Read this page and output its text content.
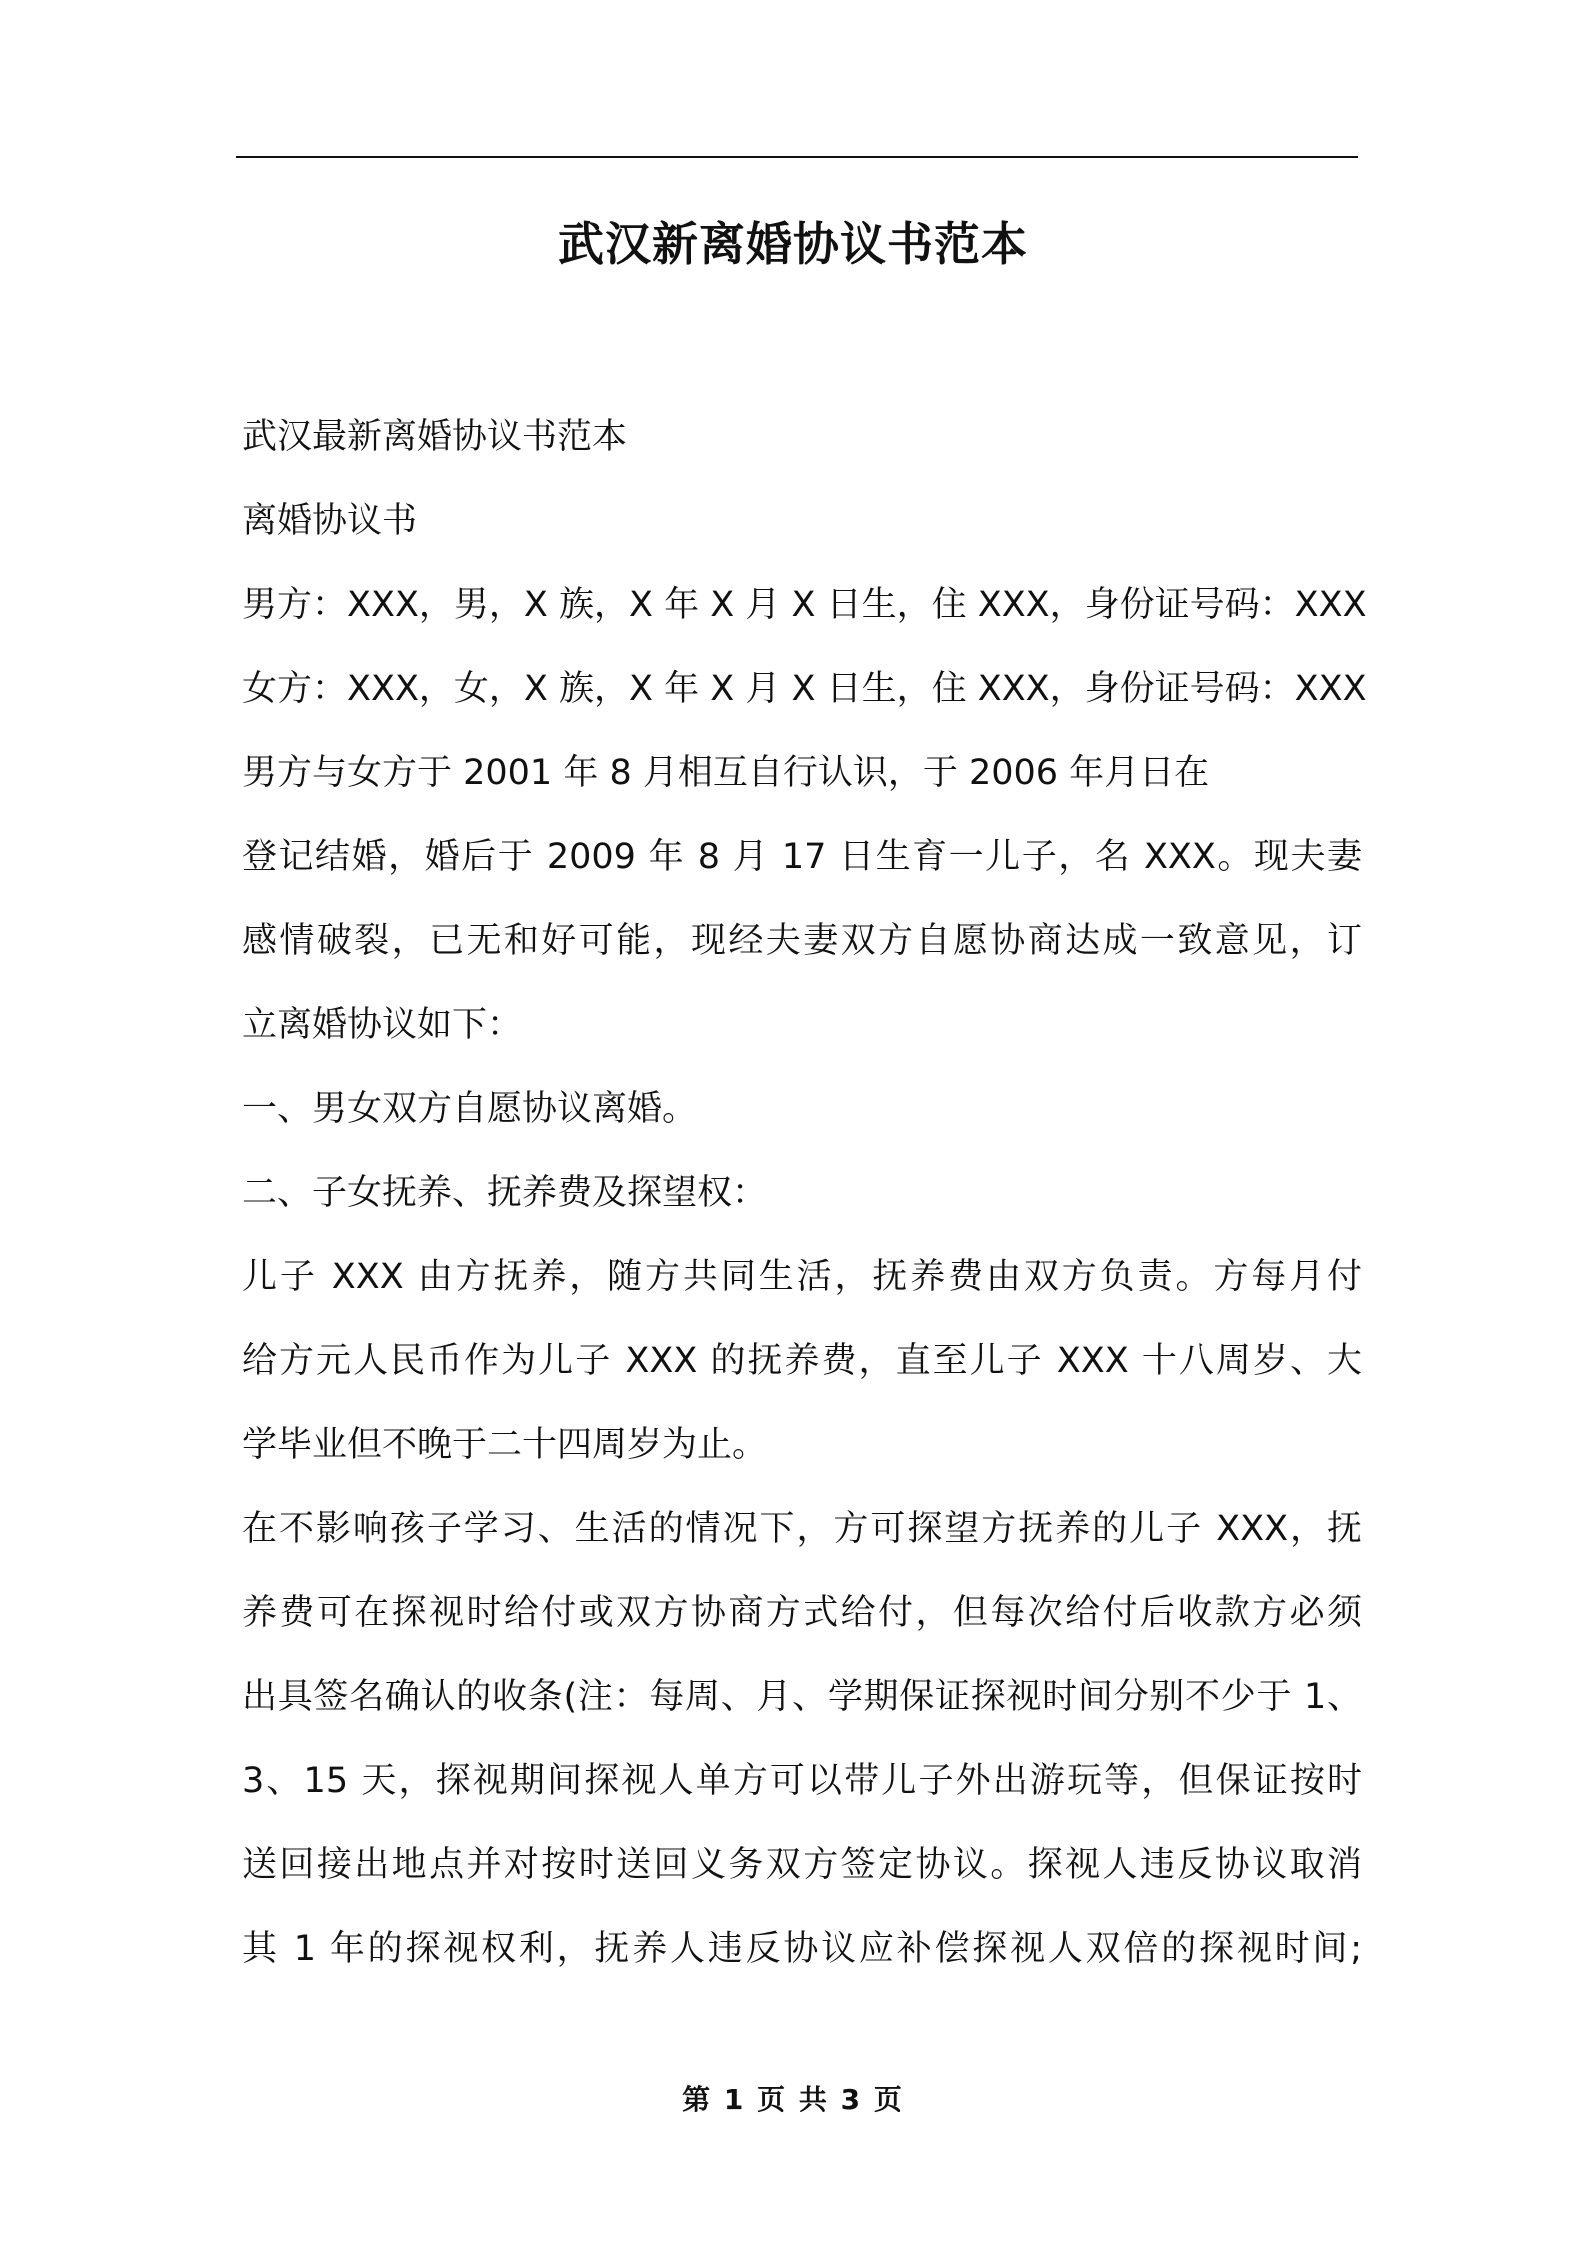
武汉新离婚协议书范本
武汉最新离婚协议书范本
离婚协议书
男方：XXX，男，X 族，X 年 X 月 X 日生，住 XXX，身份证号码：XXX
女方：XXX，女，X 族，X 年 X 月 X 日生，住 XXX，身份证号码：XXX
男方与女方于 2001 年 8 月相互自行认识，于 2006 年月日在
登记结婚，婚后于 2009 年 8 月 17 日生育一儿子，名 XXX。现夫妻
感情破裂，已无和好可能，现经夫妻双方自愿协商达成一致意见，订
立离婚协议如下：
一、男女双方自愿协议离婚。
二、子女抚养、抚养费及探望权：
儿子 XXX 由方抚养，随方共同生活，抚养费由双方负责。方每月付
给方元人民币作为儿子 XXX 的抚养费，直至儿子 XXX 十八周岁、大
学毕业但不晚于二十四周岁为止。
在不影响孩子学习、生活的情况下，方可探望方抚养的儿子 XXX，抚
养费可在探视时给付或双方协商方式给付，但每次给付后收款方必须
出具签名确认的收条(注：每周、月、学期保证探视时间分别不少于 1、
3、15 天，探视期间探视人单方可以带儿子外出游玩等，但保证按时
送回接出地点并对按时送回义务双方签定协议。探视人违反协议取消
其 1 年的探视权利，抚养人违反协议应补偿探视人双倍的探视时间;
第 1 页 共 3 页
